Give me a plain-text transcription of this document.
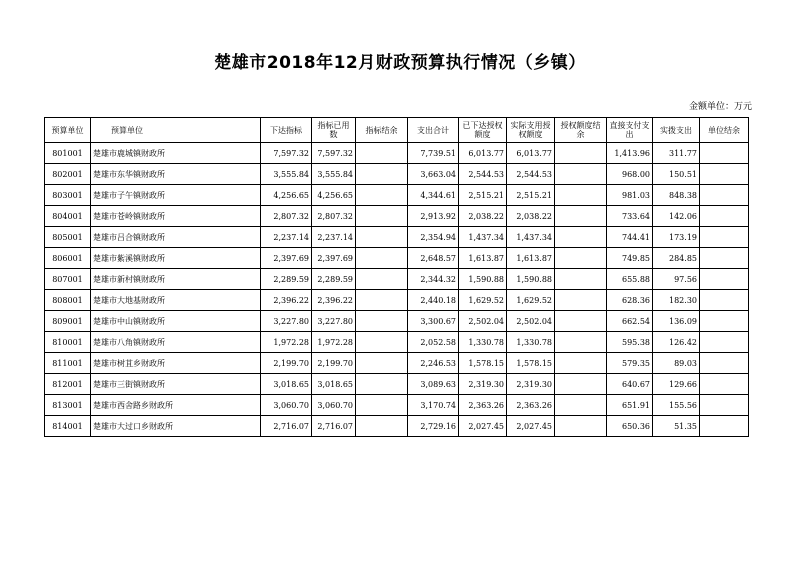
楚雄市2018年12月财政预算执行情况（乡镇）
金额单位：万元
预算单位	预算单位	下达指标	指标已用数	指标结余	支出合计	已下达授权额度	实际支用授权额度	授权额度结余	直接支付支出	实拨支出	单位结余
801001	楚雄市鹿城镇财政所	7,597.32	7,597.32		7,739.51	6,013.77	6,013.77		1,413.96	311.77	
802001	楚雄市东华镇财政所	3,555.84	3,555.84		3,663.04	2,544.53	2,544.53		968.00	150.51	
803001	楚雄市子午镇财政所	4,256.65	4,256.65		4,344.61	2,515.21	2,515.21		981.03	848.38	
804001	楚雄市苍岭镇财政所	2,807.32	2,807.32		2,913.92	2,038.22	2,038.22		733.64	142.06	
805001	楚雄市吕合镇财政所	2,237.14	2,237.14		2,354.94	1,437.34	1,437.34		744.41	173.19	
806001	楚雄市紫溪镇财政所	2,397.69	2,397.69		2,648.57	1,613.87	1,613.87		749.85	284.85	
807001	楚雄市新村镇财政所	2,289.59	2,289.59		2,344.32	1,590.88	1,590.88		655.88	97.56	
808001	楚雄市大地基财政所	2,396.22	2,396.22		2,440.18	1,629.52	1,629.52		628.36	182.30	
809001	楚雄市中山镇财政所	3,227.80	3,227.80		3,300.67	2,502.04	2,502.04		662.54	136.09	
810001	楚雄市八角镇财政所	1,972.28	1,972.28		2,052.58	1,330.78	1,330.78		595.38	126.42	
811001	楚雄市树苴乡财政所	2,199.70	2,199.70		2,246.53	1,578.15	1,578.15		579.35	89.03	
812001	楚雄市三街镇财政所	3,018.65	3,018.65		3,089.63	2,319.30	2,319.30		640.67	129.66	
813001	楚雄市西舍路乡财政所	3,060.70	3,060.70		3,170.74	2,363.26	2,363.26		651.91	155.56	
814001	楚雄市大过口乡财政所	2,716.07	2,716.07		2,729.16	2,027.45	2,027.45		650.36	51.35	
